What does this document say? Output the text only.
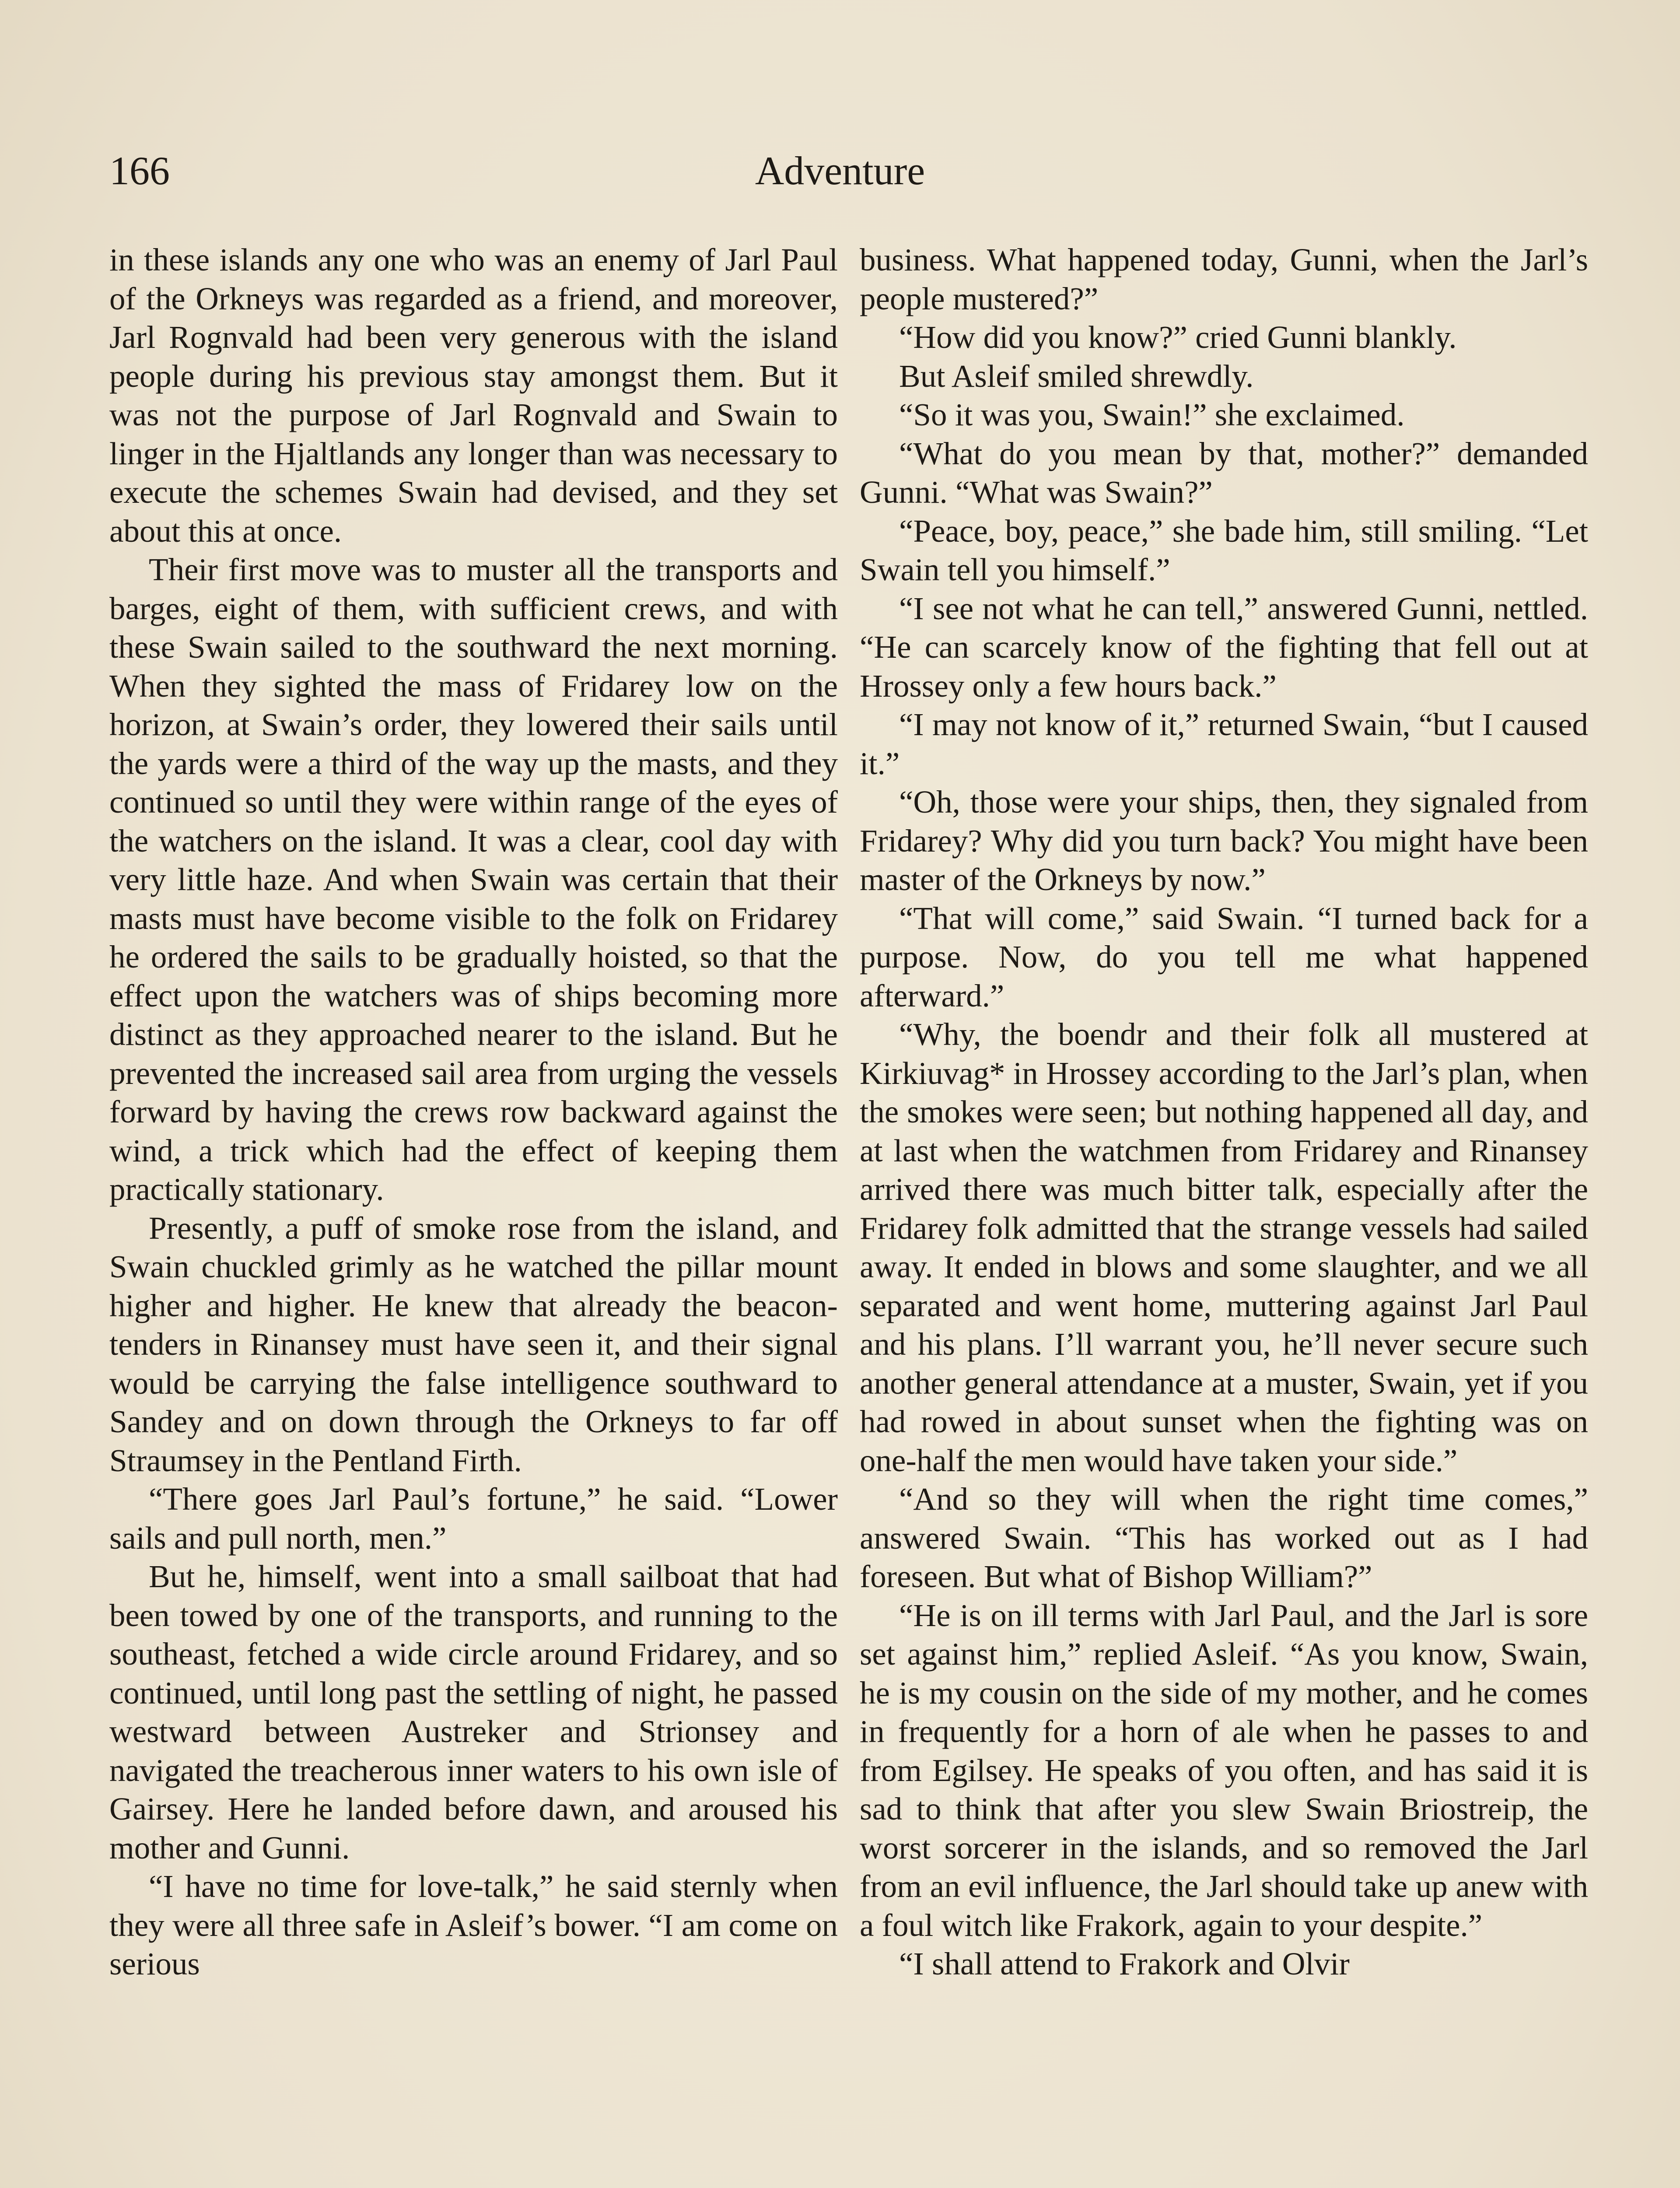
166	Adventure

in these islands any one who was an enemy of Jarl Paul of the Orkneys was regarded as a friend, and moreover, Jarl Rognvald had been very generous with the island people during his previous stay amongst them. But it was not the purpose of Jarl Rognvald and Swain to linger in the Hjaltlands any longer than was necessary to execute the schemes Swain had devised, and they set about this at once.

Their first move was to muster all the transports and barges, eight of them, with sufficient crews, and with these Swain sailed to the southward the next morning. When they sighted the mass of Fridarey low on the horizon, at Swain’s order, they lowered their sails until the yards were a third of the way up the masts, and they continued so until they were within range of the eyes of the watchers on the island. It was a clear, cool day with very little haze. And when Swain was certain that their masts must have become visible to the folk on Fridarey he ordered the sails to be gradually hoisted, so that the effect upon the watchers was of ships becoming more distinct as they approached nearer to the island. But he prevented the increased sail area from urging the vessels forward by having the crews row backward against the wind, a trick which had the effect of keeping them practically stationary.

Presently, a puff of smoke rose from the island, and Swain chuckled grimly as he watched the pillar mount higher and higher. He knew that already the beacon-tenders in Rinansey must have seen it, and their signal would be carrying the false intelligence southward to Sandey and on down through the Orkneys to far off Straumsey in the Pentland Firth.

“There goes Jarl Paul’s fortune,” he said. “Lower sails and pull north, men.”

But he, himself, went into a small sailboat that had been towed by one of the transports, and running to the southeast, fetched a wide circle around Fridarey, and so continued, until long past the settling of night, he passed westward between Austreker and Strionsey and navigated the treacherous inner waters to his own isle of Gairsey. Here he landed before dawn, and aroused his mother and Gunni.

“I have no time for love-talk,” he said sternly when they were all three safe in Asleif’s bower. “I am come on serious

business. What happened today, Gunni, when the Jarl’s people mustered?”

“How did you know?” cried Gunni blankly.

But Asleif smiled shrewdly.

“So it was you, Swain!” she exclaimed.

“What do you mean by that, mother?” demanded Gunni. “What was Swain?”

“Peace, boy, peace,” she bade him, still smiling. “Let Swain tell you himself.”

“I see not what he can tell,” answered Gunni, nettled. “He can scarcely know of the fighting that fell out at Hrossey only a few hours back.”

“I may not know of it,” returned Swain, “but I caused it.”

“Oh, those were your ships, then, they signaled from Fridarey? Why did you turn back? You might have been master of the Orkneys by now.”

“That will come,” said Swain. “I turned back for a purpose. Now, do you tell me what happened afterward.”

“Why, the boendr and their folk all mustered at Kirkiuvag* in Hrossey according to the Jarl’s plan, when the smokes were seen; but nothing happened all day, and at last when the watchmen from Fridarey and Rinansey arrived there was much bitter talk, especially after the Fridarey folk admitted that the strange vessels had sailed away. It ended in blows and some slaughter, and we all separated and went home, muttering against Jarl Paul and his plans. I’ll warrant you, he’ll never secure such another general attendance at a muster, Swain, yet if you had rowed in about sunset when the fighting was on one-half the men would have taken your side.”

“And so they will when the right time comes,” answered Swain. “This has worked out as I had foreseen. But what of Bishop William?”

“He is on ill terms with Jarl Paul, and the Jarl is sore set against him,” replied Asleif. “As you know, Swain, he is my cousin on the side of my mother, and he comes in frequently for a horn of ale when he passes to and from Egilsey. He speaks of you often, and has said it is sad to think that after you slew Swain Briostreip, the worst sorcerer in the islands, and so removed the Jarl from an evil influence, the Jarl should take up anew with a foul witch like Frakork, again to your despite.”

“I shall attend to Frakork and Olvir
